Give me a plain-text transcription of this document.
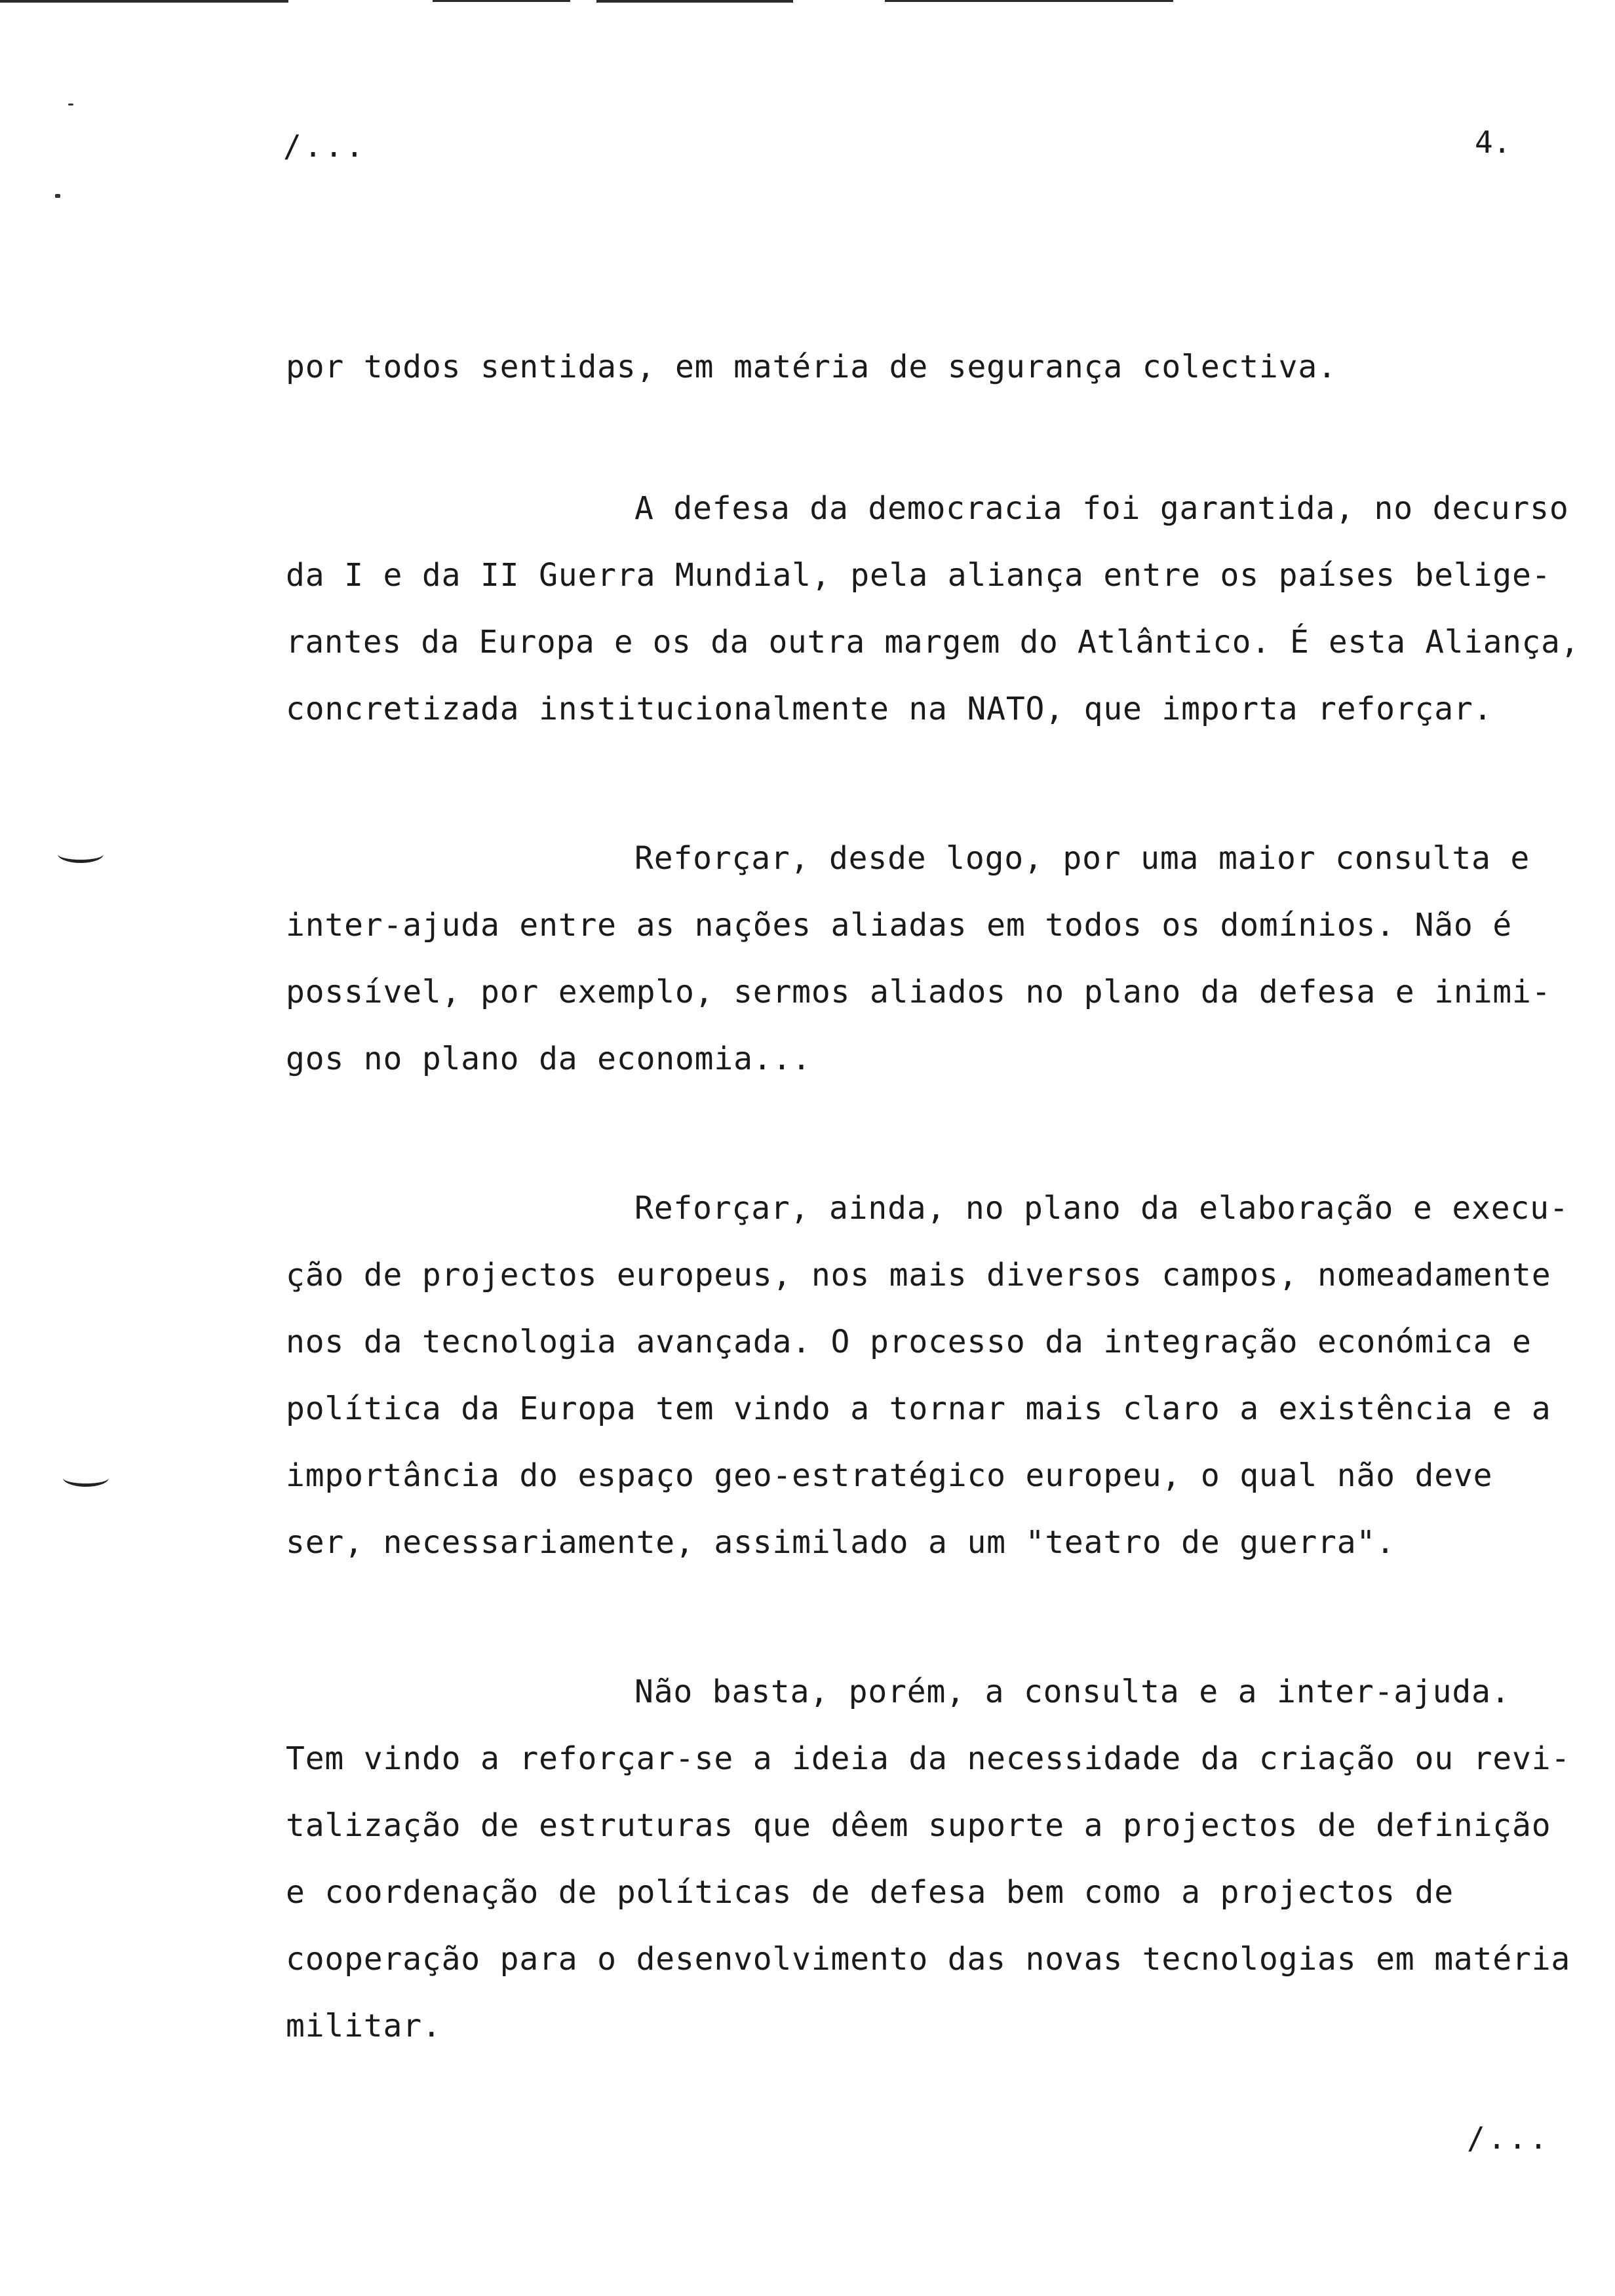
/...	4.
por todos sentidas, em matéria de segurança colectiva.
A defesa da democracia foi garantida, no decurso
da I e da II Guerra Mundial, pela aliança entre os países belige-
rantes da Europa e os da outra margem do Atlântico. É esta Aliança,
concretizada institucionalmente na NATO, que importa reforçar.
Reforçar, desde logo, por uma maior consulta e
inter-ajuda entre as nações aliadas em todos os domínios. Não é
possível, por exemplo, sermos aliados no plano da defesa e inimi-
gos no plano da economia...
Reforçar, ainda, no plano da elaboração e execu-
ção de projectos europeus, nos mais diversos campos, nomeadamente
nos da tecnologia avançada. O processo da integração económica e
política da Europa tem vindo a tornar mais claro a existência e a
importância do espaço geo-estratégico europeu, o qual não deve
ser, necessariamente, assimilado a um "teatro de guerra".
Não basta, porém, a consulta e a inter-ajuda.
Tem vindo a reforçar-se a ideia da necessidade da criação ou revi-
talização de estruturas que dêem suporte a projectos de definição
e coordenação de políticas de defesa bem como a projectos de
cooperação para o desenvolvimento das novas tecnologias em matéria
militar.
/...
